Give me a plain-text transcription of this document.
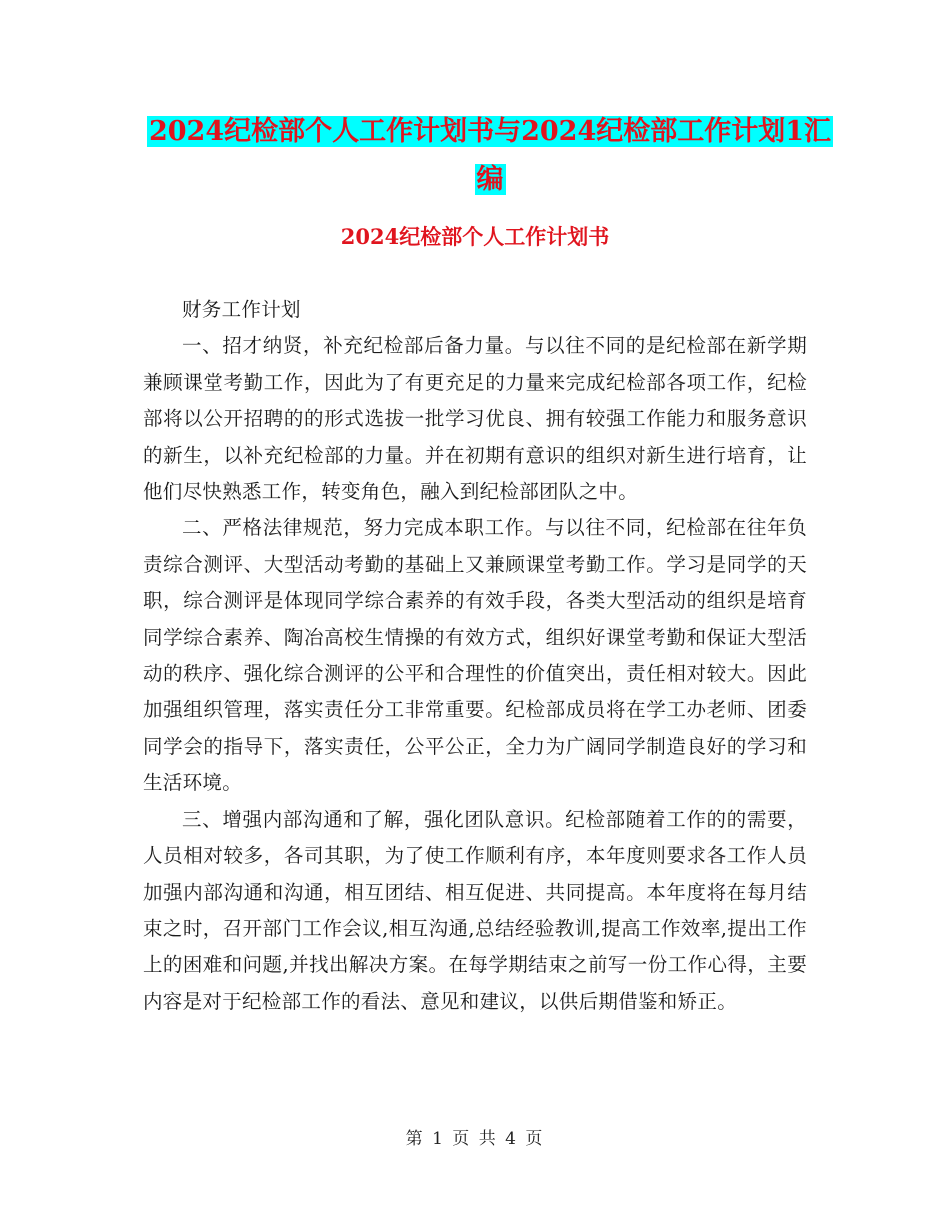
2024纪检部个人工作计划书与2024纪检部工作计划1汇编
2024纪检部个人工作计划书

财务工作计划

一、招才纳贤，补充纪检部后备力量。与以往不同的是纪检部在新学期兼顾课堂考勤工作，因此为了有更充足的力量来完成纪检部各项工作，纪检部将以公开招聘的的形式选拔一批学习优良、拥有较强工作能力和服务意识的新生，以补充纪检部的力量。并在初期有意识的组织对新生进行培育，让他们尽快熟悉工作，转变角色，融入到纪检部团队之中。

二、严格法律规范，努力完成本职工作。与以往不同，纪检部在往年负责综合测评、大型活动考勤的基础上又兼顾课堂考勤工作。学习是同学的天职，综合测评是体现同学综合素养的有效手段，各类大型活动的组织是培育同学综合素养、陶冶高校生情操的有效方式，组织好课堂考勤和保证大型活动的秩序、强化综合测评的公平和合理性的价值突出，责任相对较大。因此加强组织管理，落实责任分工非常重要。纪检部成员将在学工办老师、团委同学会的指导下，落实责任，公平公正，全力为广阔同学制造良好的学习和生活环境。

三、增强内部沟通和了解，强化团队意识。纪检部随着工作的的需要，人员相对较多，各司其职，为了使工作顺利有序，本年度则要求各工作人员加强内部沟通和沟通，相互团结、相互促进、共同提高。本年度将在每月结束之时，召开部门工作会议,相互沟通,总结经验教训,提高工作效率,提出工作上的困难和问题,并找出解决方案。在每学期结束之前写一份工作心得，主要内容是对于纪检部工作的看法、意见和建议，以供后期借鉴和矫正。

第 1 页 共 4 页
